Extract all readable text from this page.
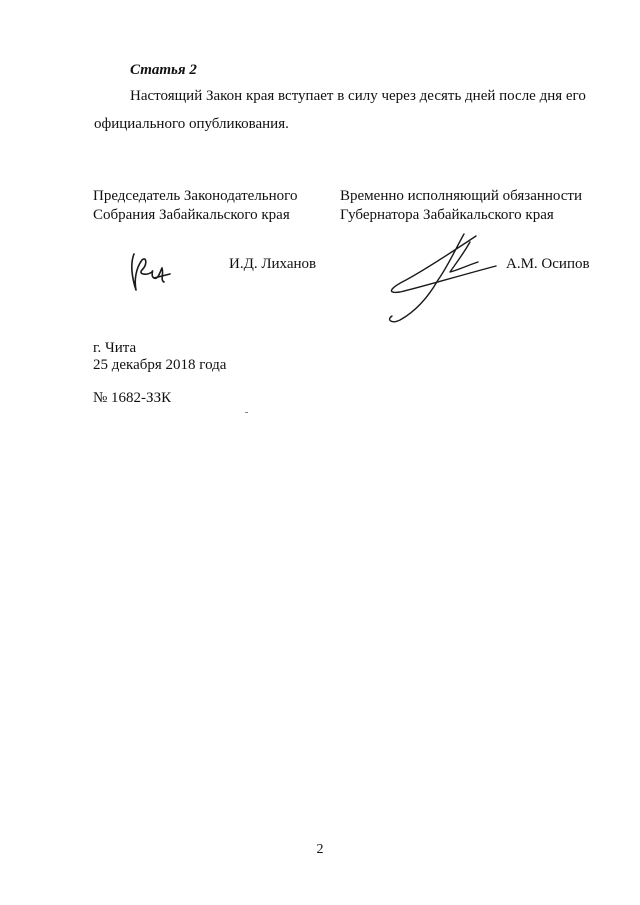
Статья 2
Настоящий Закон края вступает в силу через десять дней после дня его
официального опубликования.
Председатель Законодательного
Собрания Забайкальского края
Временно исполняющий обязанности
Губернатора Забайкальского края
И.Д. Лиханов	А.М. Осипов
г. Чита
25 декабря 2018 года
№ 1682-ЗЗК
2
